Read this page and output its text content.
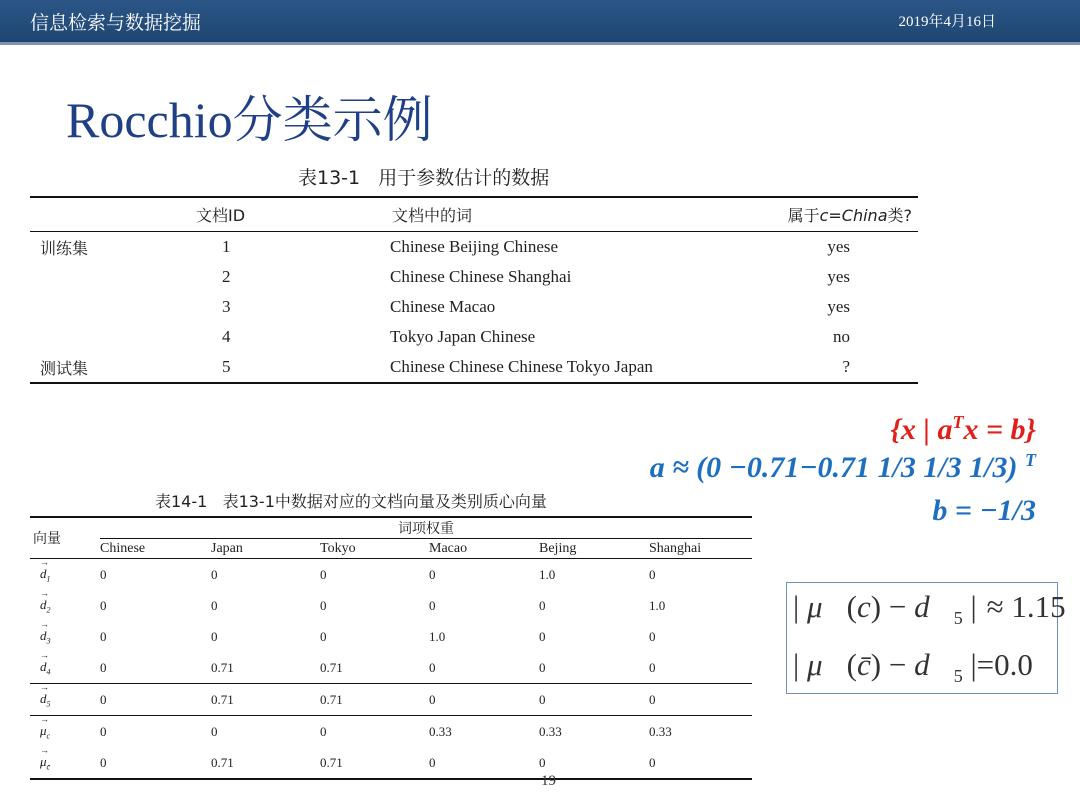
信息检索与数据挖掘	2019年4月16日
Rocchio分类示例
表13-1   用于参数估计的数据
	文档ID	文档中的词	属于c=China类?
训练集	1	Chinese Beijing Chinese	yes
	2	Chinese Chinese Shanghai	yes
	3	Chinese Macao	yes
	4	Tokyo Japan Chinese	no
测试集	5	Chinese Chinese Chinese Tokyo Japan	?
{x | $a^Tx = b$}
a ≈ (0 −0.71−0.71 1/3 1/3 1/3) $^T$
b = −1/3
表14-1   表13-1中数据对应的文档向量及类别质心向量
向量	词项权重					
	Chinese	Japan	Tokyo	Macao	Bejing	Shanghai

→
$d_1$	0	0	0	0	1.0	0

→
$d_2$	0	0	0	0	0	1.0

→
$d_3$	0	0	0	1.0	0	0

→
$d_4$	0	0.71	0.71	0	0	0

→
$d_5$	0	0.71	0.71	0	0	0

→
$\mu_c$	0	0	0	0.33	0.33	0.33

→
$\mu_{c̄}$	0	0.71	0.71	0	0	0
| μ⃗(c) − $d⃗_5$ | ≈ 1.15
| μ⃗(c̄) − $d⃗_5$ |=0.0
19
